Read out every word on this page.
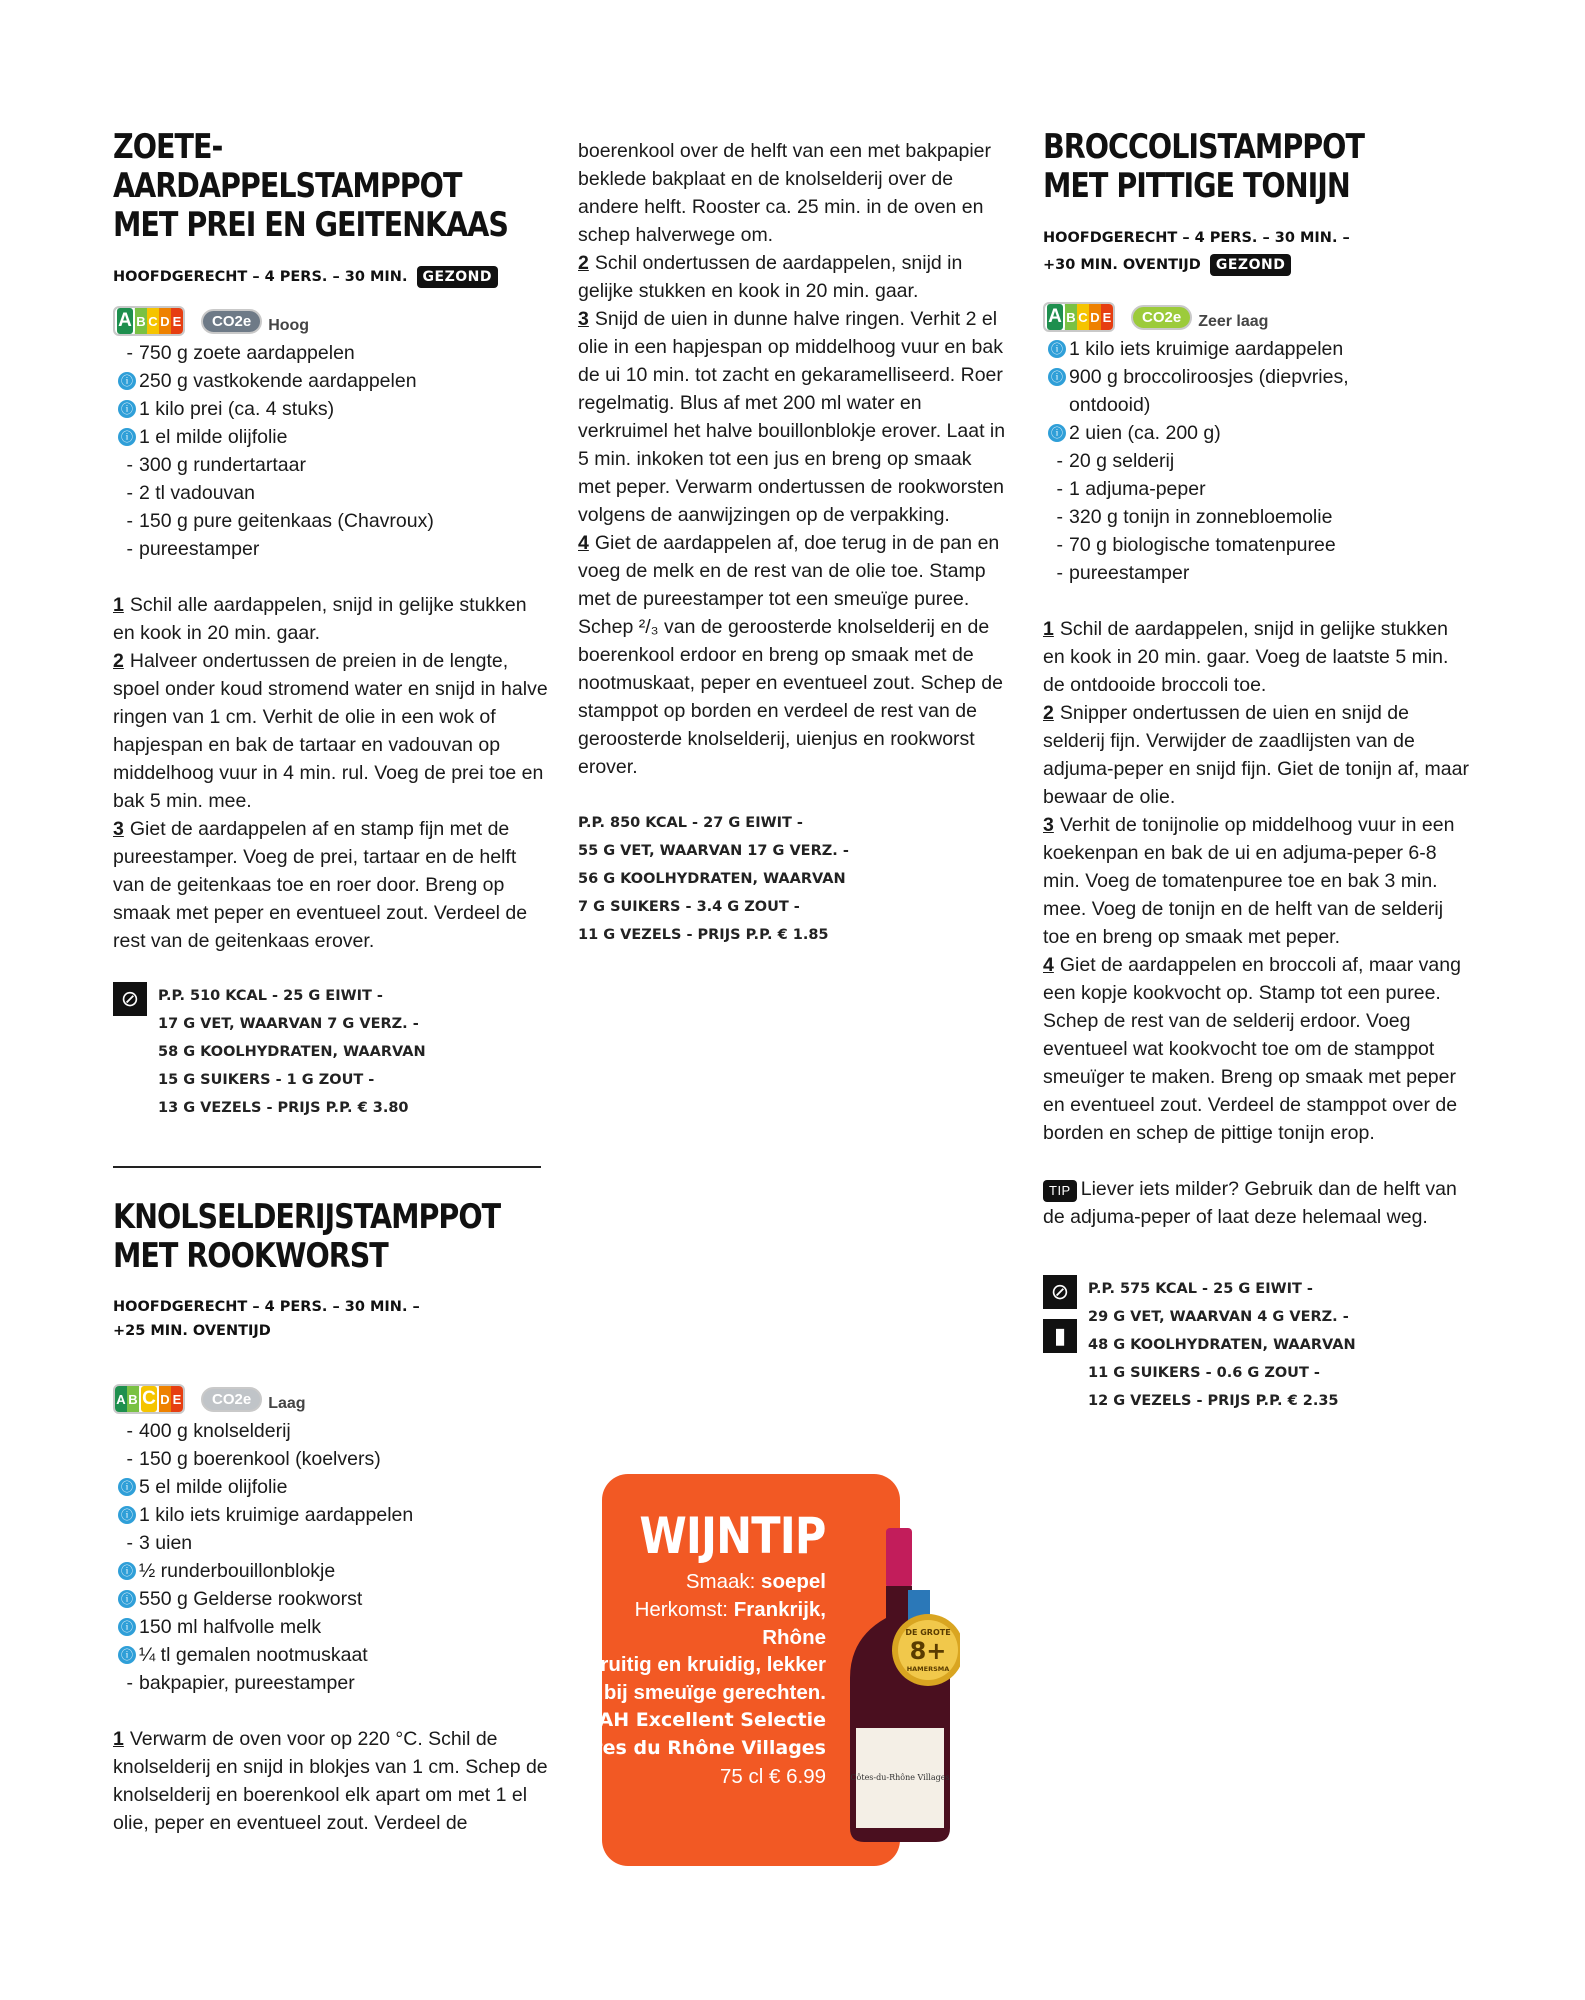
ZOETE-AARDAPPELSTAMPPOT
MET PREI EN GEITENKAAS
HOOFDGERECHT – 4 PERS. – 30 MIN. GEZOND
A B C D E	CO2e	Hoog
- 750 g zoete aardappelen
ⓘ 250 g vastkokende aardappelen
ⓘ 1 kilo prei (ca. 4 stuks)
ⓘ 1 el milde olijfolie
- 300 g rundertartaar
- 2 tl vadouvan
- 150 g pure geitenkaas (Chavroux)
- pureestamper

1 Schil alle aardappelen, snijd in gelijke stukken en kook in 20 min. gaar.

2 Halveer ondertussen de preien in de lengte, spoel onder koud stromend water en snijd in halve ringen van 1 cm. Verhit de olie in een wok of hapjespan en bak de tartaar en vadouvan op middelhoog vuur in 4 min. rul. Voeg de prei toe en bak 5 min. mee.

3 Giet de aardappelen af en stamp fijn met de pureestamper. Voeg de prei, tartaar en de helft van de geitenkaas toe en roer door. Breng op smaak met peper en eventueel zout. Verdeel de rest van de geitenkaas erover.

⊘	P.P. 510 KCAL - 25 G EIWIT -
17 G VET, WAARVAN 7 G VERZ. -
58 G KOOLHYDRATEN, WAARVAN
15 G SUIKERS - 1 G ZOUT -
13 G VEZELS - PRIJS P.P. € 3.80
KNOLSELDERIJSTAMPPOT
MET ROOKWORST
HOOFDGERECHT – 4 PERS. – 30 MIN. –
+25 MIN. OVENTIJD
A B C D E	CO2e	Laag
- 400 g knolselderij
- 150 g boerenkool (koelvers)
ⓘ 5 el milde olijfolie
ⓘ 1 kilo iets kruimige aardappelen
- 3 uien
ⓘ ½ runderbouillonblokje
ⓘ 550 g Gelderse rookworst
ⓘ 150 ml halfvolle melk
ⓘ ¼ tl gemalen nootmuskaat
- bakpapier, pureestamper

1 Verwarm de oven voor op 220 °C. Schil de knolselderij en snijd in blokjes van 1 cm. Schep de knolselderij en boerenkool elk apart om met 1 el olie, peper en eventueel zout. Verdeel de

boerenkool over de helft van een met bakpapier beklede bakplaat en de knolselderij over de andere helft. Rooster ca. 25 min. in de oven en schep halverwege om.

2 Schil ondertussen de aardappelen, snijd in gelijke stukken en kook in 20 min. gaar.

3 Snijd de uien in dunne halve ringen. Verhit 2 el olie in een hapjespan op middelhoog vuur en bak de ui 10 min. tot zacht en gekaramelliseerd. Roer regelmatig. Blus af met 200 ml water en verkruimel het halve bouillonblokje erover. Laat in 5 min. inkoken tot een jus en breng op smaak met peper. Verwarm ondertussen de rookworsten volgens de aanwijzingen op de verpakking.

4 Giet de aardappelen af, doe terug in de pan en voeg de melk en de rest van de olie toe. Stamp met de pureestamper tot een smeuïge puree. Schep ²/₃ van de geroosterde knolselderij en de boerenkool erdoor en breng op smaak met de nootmuskaat, peper en eventueel zout. Schep de stamppot op borden en verdeel de rest van de geroosterde knolselderij, uienjus en rookworst erover.

P.P. 850 KCAL - 27 G EIWIT -
55 G VET, WAARVAN 17 G VERZ. -
56 G KOOLHYDRATEN, WAARVAN
7 G SUIKERS - 3.4 G ZOUT -
11 G VEZELS - PRIJS P.P. € 1.85
BROCCOLISTAMPPOT
MET PITTIGE TONIJN
HOOFDGERECHT – 4 PERS. – 30 MIN. –
+30 MIN. OVENTIJD GEZOND
A B C D E	CO2e	Zeer laag
ⓘ 1 kilo iets kruimige aardappelen
ⓘ 900 g broccoliroosjes (diepvries,
ontdooid)
ⓘ 2 uien (ca. 200 g)
- 20 g selderij
- 1 adjuma-peper
- 320 g tonijn in zonnebloemolie
- 70 g biologische tomatenpuree
- pureestamper

1 Schil de aardappelen, snijd in gelijke stukken en kook in 20 min. gaar. Voeg de laatste 5 min. de ontdooide broccoli toe.

2 Snipper ondertussen de uien en snijd de selderij fijn. Verwijder de zaadlijsten van de adjuma-peper en snijd fijn. Giet de tonijn af, maar bewaar de olie.

3 Verhit de tonijnolie op middelhoog vuur in een koekenpan en bak de ui en adjuma-peper 6-8 min. Voeg de tomatenpuree toe en bak 3 min. mee. Voeg de tonijn en de helft van de selderij toe en breng op smaak met peper.

4 Giet de aardappelen en broccoli af, maar vang een kopje kookvocht op. Stamp tot een puree. Schep de rest van de selderij erdoor. Voeg eventueel wat kookvocht toe om de stamppot smeuïger te maken. Breng op smaak met peper en eventueel zout. Verdeel de stamppot over de borden en schep de pittige tonijn erop.

TIP Liever iets milder? Gebruik dan de helft van de adjuma-peper of laat deze helemaal weg.

⊘
▮
P.P. 575 KCAL - 25 G EIWIT -
29 G VET, WAARVAN 4 G VERZ. -
48 G KOOLHYDRATEN, WAARVAN
11 G SUIKERS - 0.6 G ZOUT -
12 G VEZELS - PRIJS P.P. € 2.35
WIJNTIP
Smaak: soepel
Herkomst: Frankrijk, Rhône
Fruitig en kruidig, lekker bij smeuïge gerechten.
AH Excellent Selectie Côtes du Rhône Villages
75 cl € 6.99	Côtes-du-Rhône Villages
DE GROTE
8+
HAMERSMA
